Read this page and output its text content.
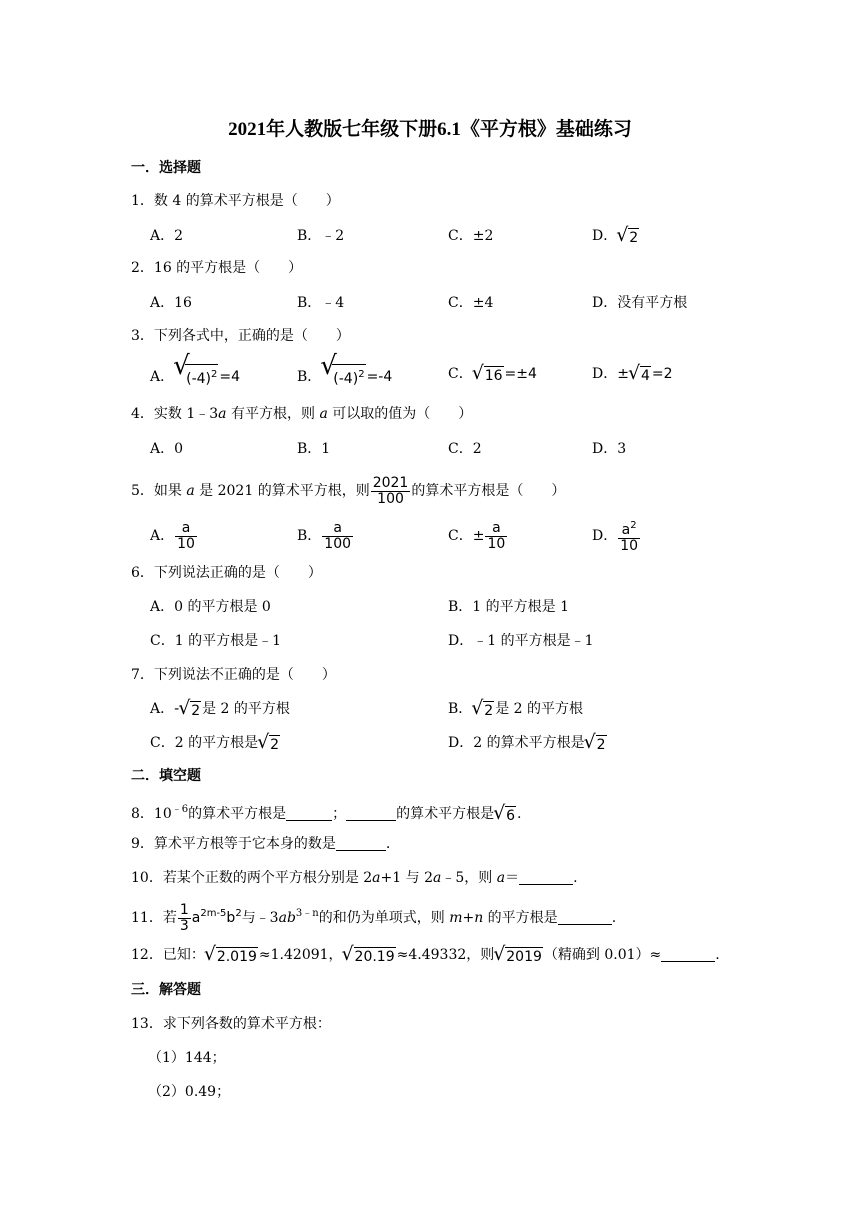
2021年人教版七年级下册6.1《平方根》基础练习
一．选择题
1．数 4 的算术平方根是（　　）
A．2	B．﹣2	C．±2	D． √ 2
2．16 的平方根是（　　）
A．16	B．﹣4	C．±4	D．没有平方根
3．下列各式中，正确的是（　　）
A． √ $(-4)^2 =4$	B． √ $(-4)^2 =-4$	C． √ 16 =±4	D．± √ 4 =2
4．实数 1﹣3a 有平方根，则 a 可以取的值为（　　）
A．0	B．1	C．2	D．3
5．如果 a 是 2021 的算术平方根，则 $\frac{2021}{100}$ 的算术平方根是（　　）
A． $\frac{a}{10}$	B． $\frac{a}{100}$	C．± $\frac{a}{10}$	D． $\frac{a^2}{10}$
6．下列说法正确的是（　　）
A．0 的平方根是 0	B．1 的平方根是 1
C．1 的平方根是﹣1	D．﹣1 的平方根是﹣1
7．下列说法不正确的是（　　）
A．- √ 2 是 2 的平方根	B． √ 2 是 2 的平方根
C．2 的平方根是 √ 2	D．2 的算术平方根是 √ 2
二．填空题
8．$10^{﹣6}$的算术平方根是	；	的算术平方根是 √ 6 .
9．算术平方根等于它本身的数是	.
10．若某个正数的两个平方根分别是 2a+1 与 2a﹣5，则 a＝	.
11．若 $\frac{1}{3} a^{2m-5}b^2$与$﹣3ab^{3﹣n}$的和仍为单项式，则 m+n 的平方根是	.
12．已知： √ 2.019 ≈1.42091， √ 20.19 ≈4.49332，则 √ 2019 （精确到 0.01）≈	.
三．解答题
13．求下列各数的算术平方根：
（1）144；
（2）0.49；
